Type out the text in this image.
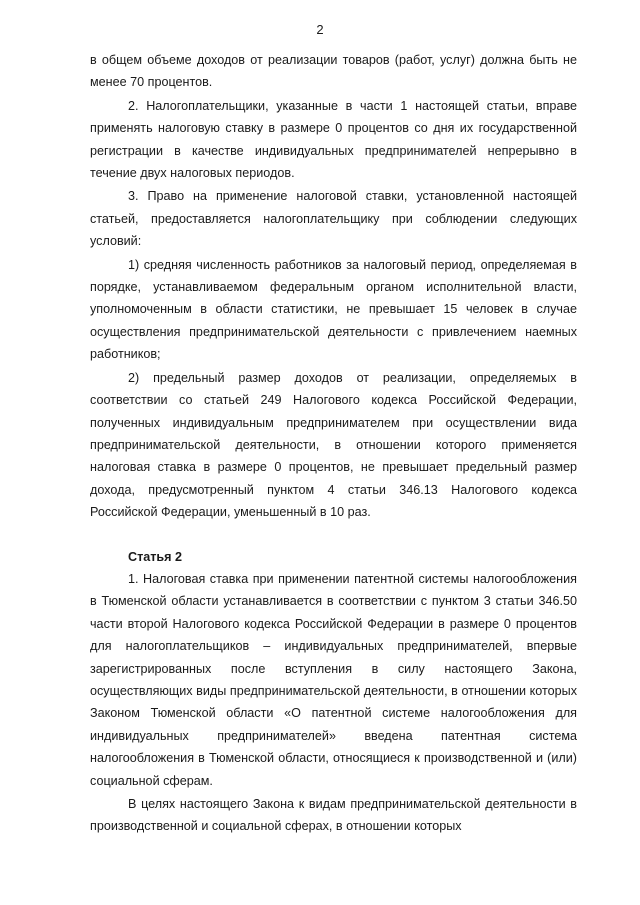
2

в общем объеме доходов от реализации товаров (работ, услуг) должна быть не менее 70 процентов.

2. Налогоплательщики, указанные в части 1 настоящей статьи, вправе применять налоговую ставку в размере 0 процентов со дня их государственной регистрации в качестве индивидуальных предпринимателей непрерывно в течение двух налоговых периодов.

3. Право на применение налоговой ставки, установленной настоящей статьей, предоставляется налогоплательщику при соблюдении следующих условий:

1) средняя численность работников за налоговый период, определяемая в порядке, устанавливаемом федеральным органом исполнительной власти, уполномоченным в области статистики, не превышает 15 человек в случае осуществления предпринимательской деятельности с привлечением наемных работников;

2) предельный размер доходов от реализации, определяемых в соответствии со статьей 249 Налогового кодекса Российской Федерации, полученных индивидуальным предпринимателем при осуществлении вида предпринимательской деятельности, в отношении которого применяется налоговая ставка в размере 0 процентов, не превышает предельный размер дохода, предусмотренный пунктом 4 статьи 346.13 Налогового кодекса Российской Федерации, уменьшенный в 10 раз.

Статья 2

1. Налоговая ставка при применении патентной системы налогообложения в Тюменской области устанавливается в соответствии с пунктом 3 статьи 346.50 части второй Налогового кодекса Российской Федерации в размере 0 процентов для налогоплательщиков – индивидуальных предпринимателей, впервые зарегистрированных после вступления в силу настоящего Закона, осуществляющих виды предпринимательской деятельности, в отношении которых Законом Тюменской области «О патентной системе налогообложения для индивидуальных предпринимателей» введена патентная система налогообложения в Тюменской области, относящиеся к производственной и (или) социальной сферам.

В целях настоящего Закона к видам предпринимательской деятельности в производственной и социальной сферах, в отношении которых
